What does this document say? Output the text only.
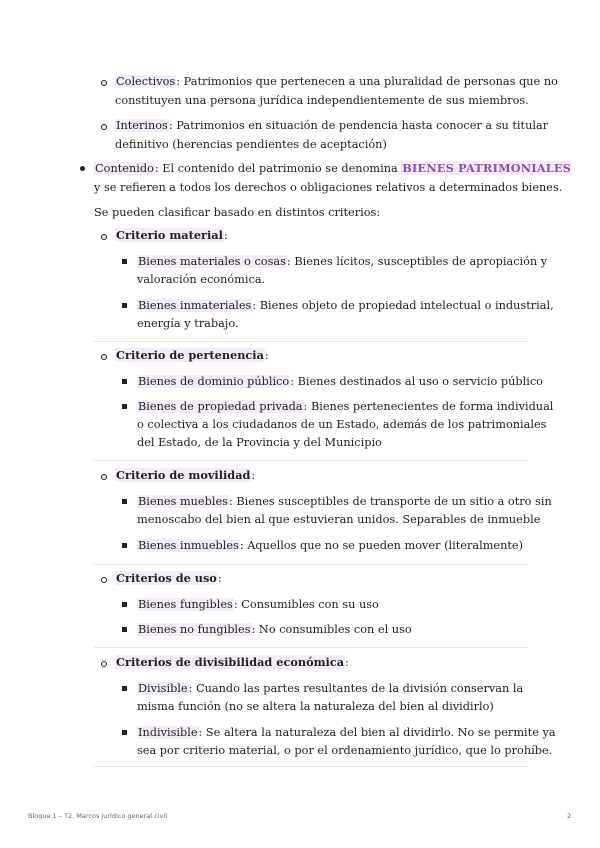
Colectivos: Patrimonios que pertenecen a una pluralidad de personas que no
constituyen una persona jurídica independientemente de sus miembros.
Interinos: Patrimonios en situación de pendencia hasta conocer a su titular
definitivo (herencias pendientes de aceptación)
Contenido: El contenido del patrimonio se denomina BIENES PATRIMONIALES
y se refieren a todos los derechos o obligaciones relativos a determinados bienes.
Se pueden clasificar basado en distintos criterios:
Criterio material:
Bienes materiales o cosas: Bienes lícitos, susceptibles de apropiación y
valoración económica.
Bienes inmateriales: Bienes objeto de propiedad intelectual o industrial,
energía y trabajo.
Criterio de pertenencia:
Bienes de dominio público: Bienes destinados al uso o servicio público
Bienes de propiedad privada: Bienes pertenecientes de forma individual
o colectiva a los ciudadanos de un Estado, además de los patrimoniales
del Estado, de la Provincia y del Municipio
Criterio de movilidad:
Bienes muebles: Bienes susceptibles de transporte de un sitio a otro sin
menoscabo del bien al que estuvieran unidos. Separables de inmueble
Bienes inmuebles: Aquellos que no se pueden mover (literalmente)
Criterios de uso:
Bienes fungibles: Consumibles con su uso
Bienes no fungibles: No consumibles con el uso
Criterios de divisibilidad económica:
Divisible: Cuando las partes resultantes de la división conservan la
misma función (no se altera la naturaleza del bien al dividirlo)
Indivisible: Se altera la naturaleza del bien al dividirlo. No se permite ya
sea por criterio material, o por el ordenamiento jurídico, que lo prohíbe.
Bloque 1 – T2. Marcos jurídico general civil	2
